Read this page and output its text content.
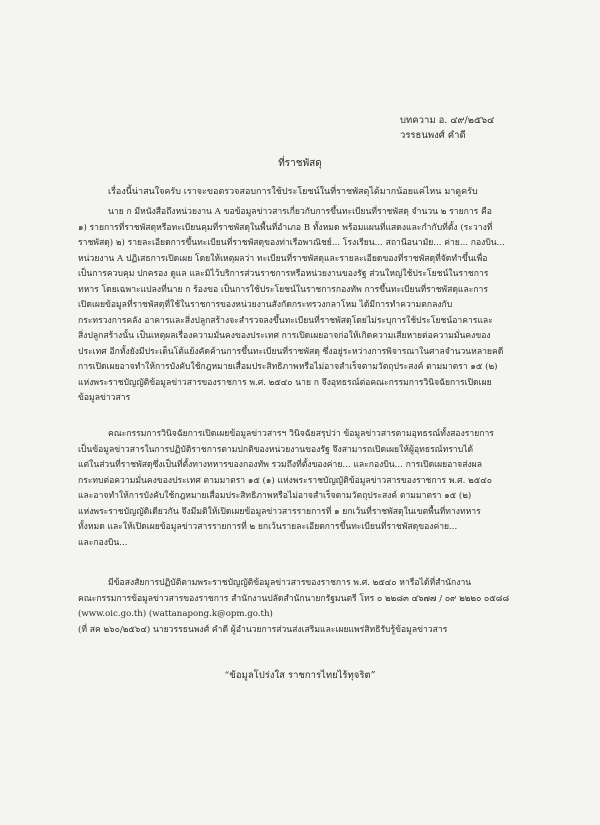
บทความ อ. ๔๙/๒๕๖๔
วรรธนพงศ์ คำดี
ที่ราชพัสดุ
เรื่องนี้น่าสนใจครับ เราจะขอตรวจสอบการใช้ประโยชน์ในที่ราชพัสดุได้มากน้อยแค่ไหน มาดูครับ
นาย ก มีหนังสือถึงหน่วยงาน A ขอข้อมูลข่าวสารเกี่ยวกับการขึ้นทะเบียนที่ราชพัสดุ จำนวน ๒ รายการ คือ
๑) รายการที่ราชพัสดุหรือทะเบียนคุมที่ราชพัสดุในพื้นที่อำเภอ B ทั้งหมด พร้อมแผนที่แสดงและกำกับที่ตั้ง (ระวางที่
ราชพัสดุ) ๒) รายละเอียดการขึ้นทะเบียนที่ราชพัสดุของท่าเรือพาณิชย์... โรงเรียน... สถานีอนามัย... ค่าย... กองบิน...
หน่วยงาน A ปฏิเสธการเปิดเผย โดยให้เหตุผลว่า ทะเบียนที่ราชพัสดุและรายละเอียดของที่ราชพัสดุที่จัดทำขึ้นเพื่อ
เป็นการควบคุม ปกครอง ดูแล และมิไว้บริการส่วนราชการหรือหน่วยงานของรัฐ ส่วนใหญ่ใช้ประโยชน์ในราชการ
ทหาร โดยเฉพาะแปลงที่นาย ก ร้องขอ เป็นการใช้ประโยชน์ในราชการกองทัพ การขึ้นทะเบียนที่ราชพัสดุและการ
เปิดเผยข้อมูลที่ราชพัสดุที่ใช้ในราชการของหน่วยงานสังกัดกระทรวงกลาโหม ได้มีการทำความตกลงกับ
กระทรวงการคลัง อาคารและสิ่งปลูกสร้างจะสำรวจลงขึ้นทะเบียนที่ราชพัสดุโดยไม่ระบุการใช้ประโยชน์อาคารและ
สิ่งปลูกสร้างนั้น เป็นเหตุผลเรื่องความมั่นคงของประเทศ การเปิดเผยอาจก่อให้เกิดความเสียหายต่อความมั่นคงของ
ประเทศ อีกทั้งยังมีประเด็นโต้แย้งคัดค้านการขึ้นทะเบียนที่ราชพัสดุ ซึ่งอยู่ระหว่างการพิจารณาในศาลจำนวนหลายคดี
การเปิดเผยอาจทำให้การบังคับใช้กฎหมายเสื่อมประสิทธิภาพหรือไม่อาจสำเร็จตามวัตถุประสงค์ ตามมาตรา ๑๕ (๒)
แห่งพระราชบัญญัติข้อมูลข่าวสารของราชการ พ.ศ. ๒๕๔๐ นาย ก จึงอุทธรณ์ต่อคณะกรรมการวินิจฉัยการเปิดเผย
ข้อมูลข่าวสาร
คณะกรรมการวินิจฉัยการเปิดเผยข้อมูลข่าวสารฯ วินิจฉัยสรุปว่า ข้อมูลข่าวสารตามอุทธรณ์ทั้งสองรายการ
เป็นข้อมูลข่าวสารในการปฏิบัติราชการตามปกติของหน่วยงานของรัฐ จึงสามารถเปิดเผยให้ผู้อุทธรณ์ทราบได้
แต่ในส่วนที่ราชพัสดุซึ่งเป็นที่ตั้งทางทหารของกองทัพ รวมถึงที่ตั้งของค่าย... และกองบิน... การเปิดเผยอาจส่งผล
กระทบต่อความมั่นคงของประเทศ ตามมาตรา ๑๕ (๑) แห่งพระราชบัญญัติข้อมูลข่าวสารของราชการ พ.ศ. ๒๕๔๐
และอาจทำให้การบังคับใช้กฎหมายเสื่อมประสิทธิภาพหรือไม่อาจสำเร็จตามวัตถุประสงค์ ตามมาตรา ๑๕ (๒)
แห่งพระราชบัญญัติเดียวกัน จึงมีมติให้เปิดเผยข้อมูลข่าวสารรายการที่ ๑ ยกเว้นที่ราชพัสดุในเขตพื้นที่ทางทหาร
ทั้งหมด และให้เปิดเผยข้อมูลข่าวสารรายการที่ ๒ ยกเว้นรายละเอียดการขึ้นทะเบียนที่ราชพัสดุของค่าย...
และกองบิน...
มีข้อสงสัยการปฏิบัติตามพระราชบัญญัติข้อมูลข่าวสารของราชการ พ.ศ. ๒๕๔๐ หารือได้ที่สำนักงาน
คณะกรรมการข้อมูลข่าวสารของราชการ สำนักงานปลัดสำนักนายกรัฐมนตรี โทร ๐ ๒๒๘๓ ๔๖๗๗ / ๐๙ ๒๒๒๐ ๐๕๘๘
(www.oic.go.th) (wattanapong.k@opm.go.th)
(ที่ สค ๒๖๐/๒๕๖๔) นายวรรธนพงศ์ คำดี ผู้อำนวยการส่วนส่งเสริมและเผยแพร่สิทธิรับรู้ข้อมูลข่าวสาร
“ข้อมูลโปร่งใส ราชการไทยไร้ทุจริต”
